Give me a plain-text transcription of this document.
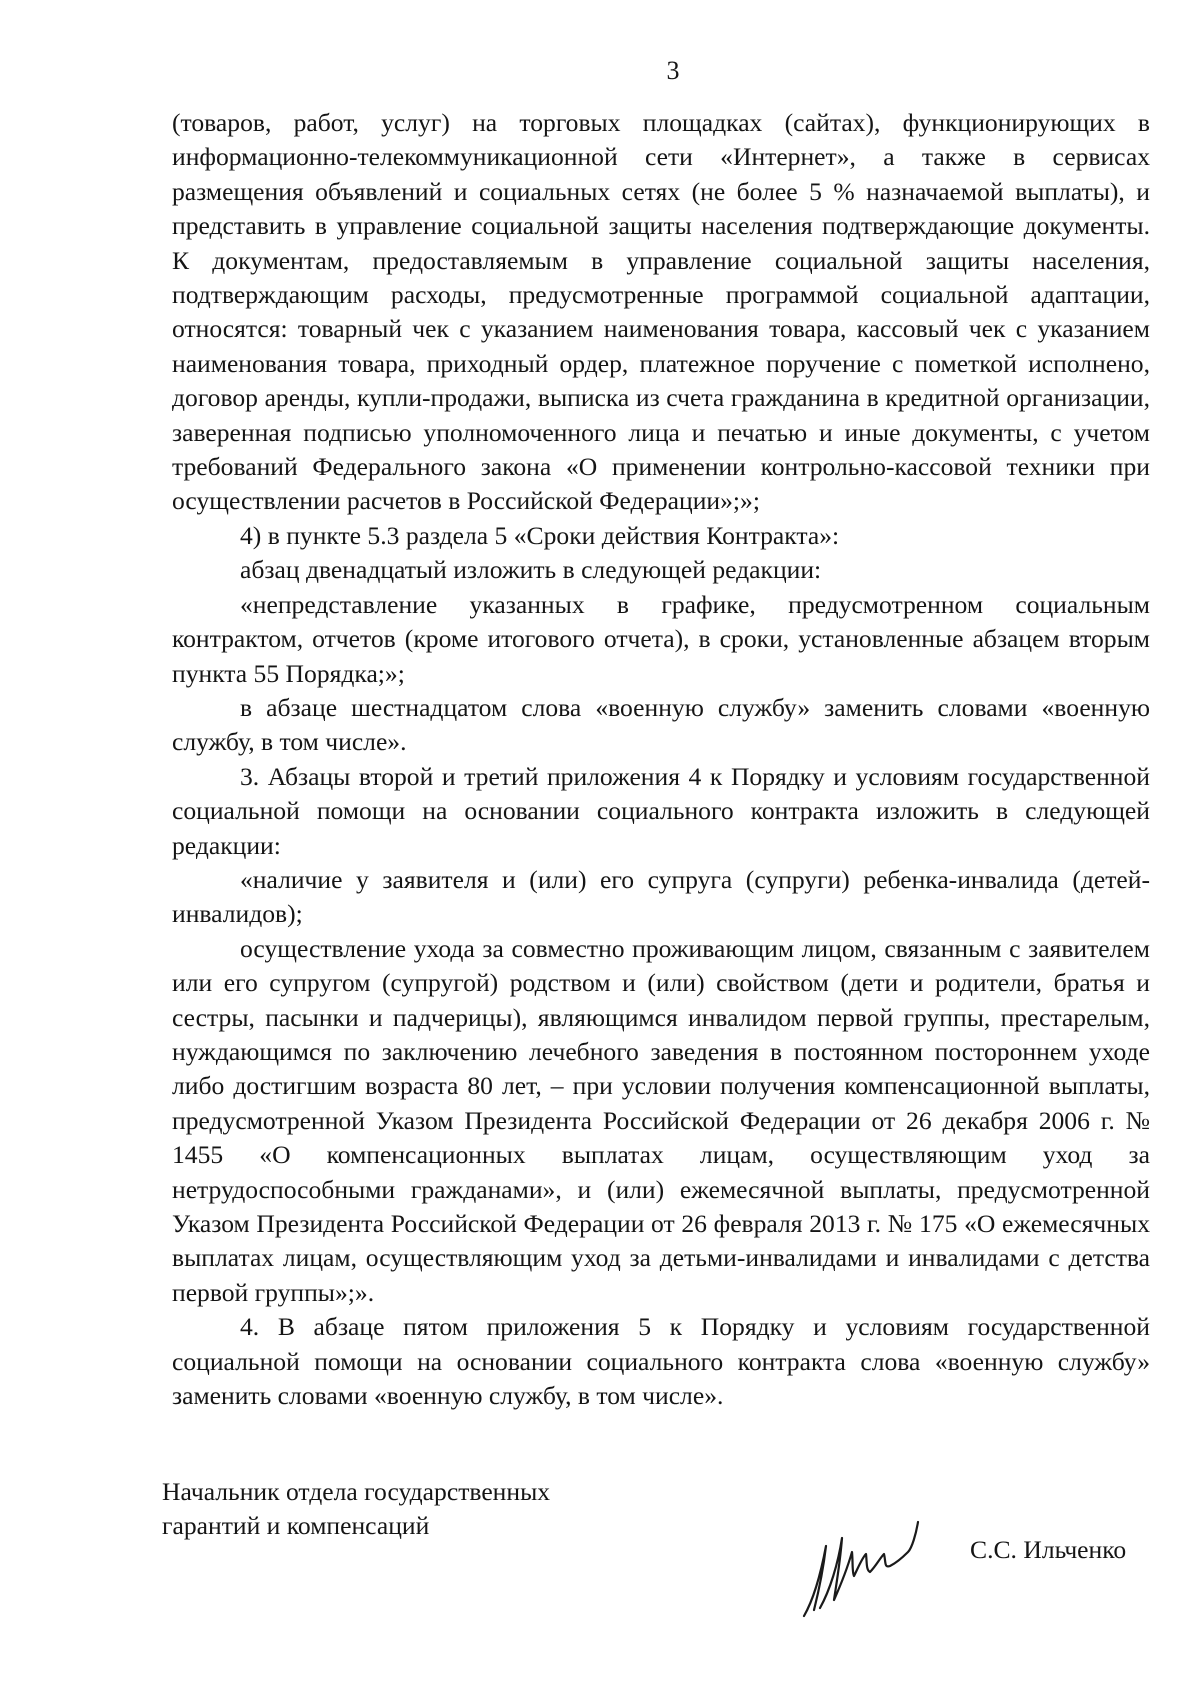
3

(товаров, работ, услуг) на торговых площадках (сайтах), функционирующих в информационно-телекоммуникационной сети «Интернет», а также в сервисах размещения объявлений и социальных сетях (не более 5 % назначаемой выплаты), и представить в управление социальной защиты населения подтверждающие документы. К документам, предоставляемым в управление социальной защиты населения, подтверждающим расходы, предусмотренные программой социальной адаптации, относятся: товарный чек с указанием наименования товара, кассовый чек с указанием наименования товара, приходный ордер, платежное поручение с пометкой исполнено, договор аренды, купли-продажи, выписка из счета гражданина в кредитной организации, заверенная подписью уполномоченного лица и печатью и иные документы, с учетом требований Федерального закона «О применении контрольно-кассовой техники при осуществлении расчетов в Российской Федерации»;»;

4) в пункте 5.3 раздела 5 «Сроки действия Контракта»:

абзац двенадцатый изложить в следующей редакции:

«непредставление указанных в графике, предусмотренном социальным контрактом, отчетов (кроме итогового отчета), в сроки, установленные абзацем вторым пункта 55 Порядка;»;

в абзаце шестнадцатом слова «военную службу» заменить словами «военную службу, в том числе».

3. Абзацы второй и третий приложения 4 к Порядку и условиям государственной социальной помощи на основании социального контракта изложить в следующей редакции:

«наличие у заявителя и (или) его супруга (супруги) ребенка-инвалида (детей-инвалидов);

осуществление ухода за совместно проживающим лицом, связанным с заявителем или его супругом (супругой) родством и (или) свойством (дети и родители, братья и сестры, пасынки и падчерицы), являющимся инвалидом первой группы, престарелым, нуждающимся по заключению лечебного заведения в постоянном постороннем уходе либо достигшим возраста 80 лет, – при условии получения компенсационной выплаты, предусмотренной Указом Президента Российской Федерации от 26 декабря 2006 г. № 1455 «О компенсационных выплатах лицам, осуществляющим уход за нетрудоспособными гражданами», и (или) ежемесячной выплаты, предусмотренной Указом Президента Российской Федерации от 26 февраля 2013 г. № 175 «О ежемесячных выплатах лицам, осуществляющим уход за детьми-инвалидами и инвалидами с детства первой группы»;».

4. В абзаце пятом приложения 5 к Порядку и условиям государственной социальной помощи на основании социального контракта слова «военную службу» заменить словами «военную службу, в том числе».

Начальник отдела государственных
гарантий и компенсаций
С.С. Ильченко
